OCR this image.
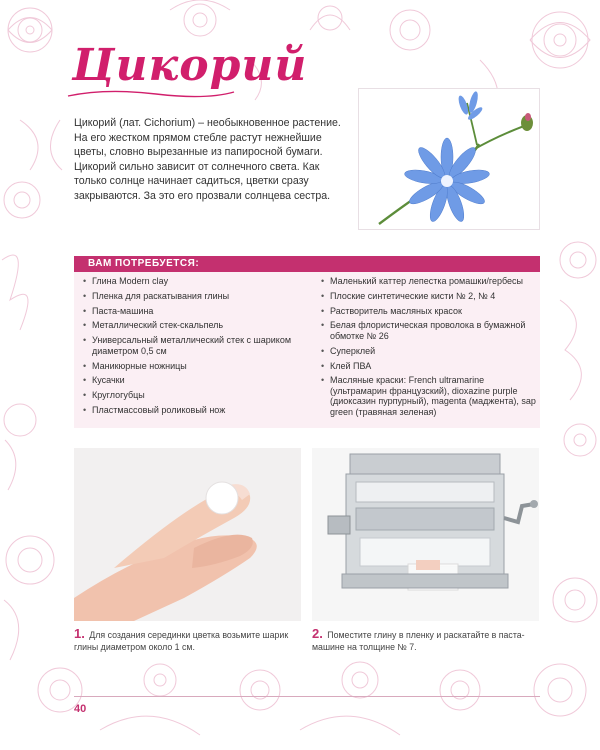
Цикорий

Цикорий (лат. Cichorium) – необыкновенное растение. На его жестком прямом стебле растут нежнейшие цветы, словно вырезанные из папиросной бумаги. Цикорий сильно зависит от солнечного света. Как только солнце начинает садиться, цветки сразу закрываются. За это его прозвали солнцева сестра.

ВАМ ПОТРЕБУЕТСЯ:
• Глина Modern clay
• Пленка для раскатывания глины
• Паста-машина
• Металлический стек-скальпель
• Универсальный металлический стек с шариком диаметром 0,5 см
• Маникюрные ножницы
• Кусачки
• Круглогубцы
• Пластмассовый роликовый нож
• Маленький каттер лепестка ромашки/гербесы
• Плоские синтетические кисти № 2, № 4
• Растворитель масляных красок
• Белая флористическая проволока в бумажной обмотке № 26
• Суперклей
• Клей ПВА
• Масляные краски: French ultramarine (ультрамарин французский), dioxazine purple (диоксазин пурпурный), magenta (маджента), sap green (травяная зеленая)

1. Для создания серединки цветка возьмите шарик глины диаметром около 1 см.

2. Поместите глину в пленку и раскатайте в паста-машине на толщине № 7.

40
